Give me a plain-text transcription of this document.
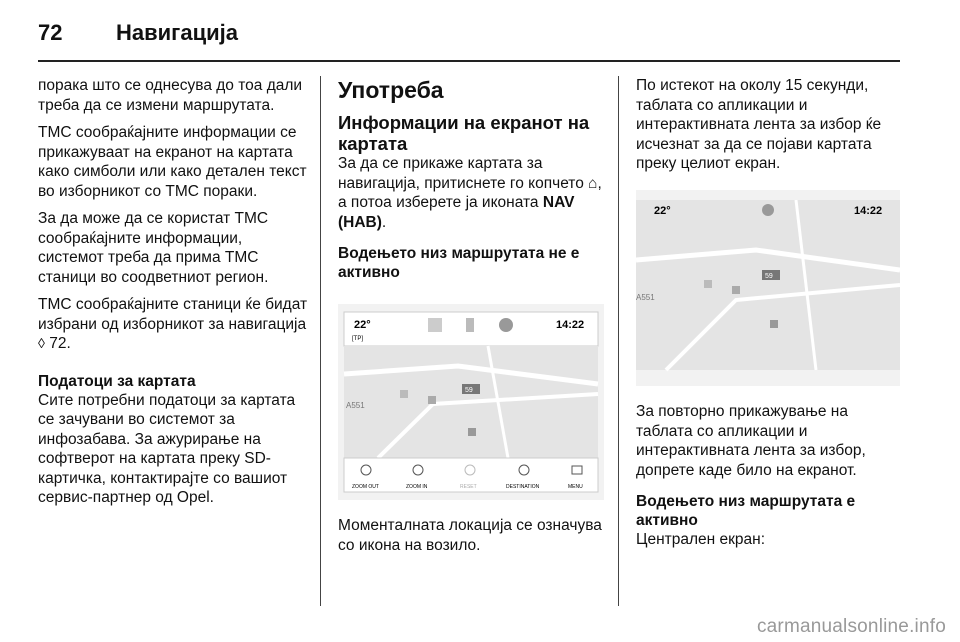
72 Навигација

порака што се однесува до тоа дали треба да се измени маршрутата.

TMC сообраќајните информации се прикажуваат на екранот на картата како симболи или како детален текст во изборникот со TMC пораки.

За да може да се користат TMC сообраќајните информации, системот треба да прима TMC станици во соодветниот регион.

TMC сообраќајните станици ќе бидат избрани од изборникот за навигација ◊ 72.

Податоци за картата

Сите потребни податоци за картата се зачувани во системот за инфозабава. За ажурирање на софтверот на картата преку SD-картичка, контактирајте со вашиот сервис-партнер од Opel.

Употреба
Информации на екранот на картата

За да се прикаже картата за навигација, притиснете го копчето ⌂, а потоа изберете ја иконата NAV (HAB).

Водењето низ маршрутата не е активно
22°
[TP]
14:22
59
A551
ZOOM OUT	ZOOM IN	RESET	DESTINATION	MENU

Моменталната локација се означува со икона на возило.

По истекот на околу 15 секунди, таблата со апликации и интерактивната лента за избор ќе исчезнат за да се појави картата преку целиот екран.

59
A551
22°	14:22

За повторно прикажување на таблата со апликации и интерактивната лента за избор, допрете каде било на екранот.

Водењето низ маршрутата е активно

Централен екран:

carmanualsonline.info
